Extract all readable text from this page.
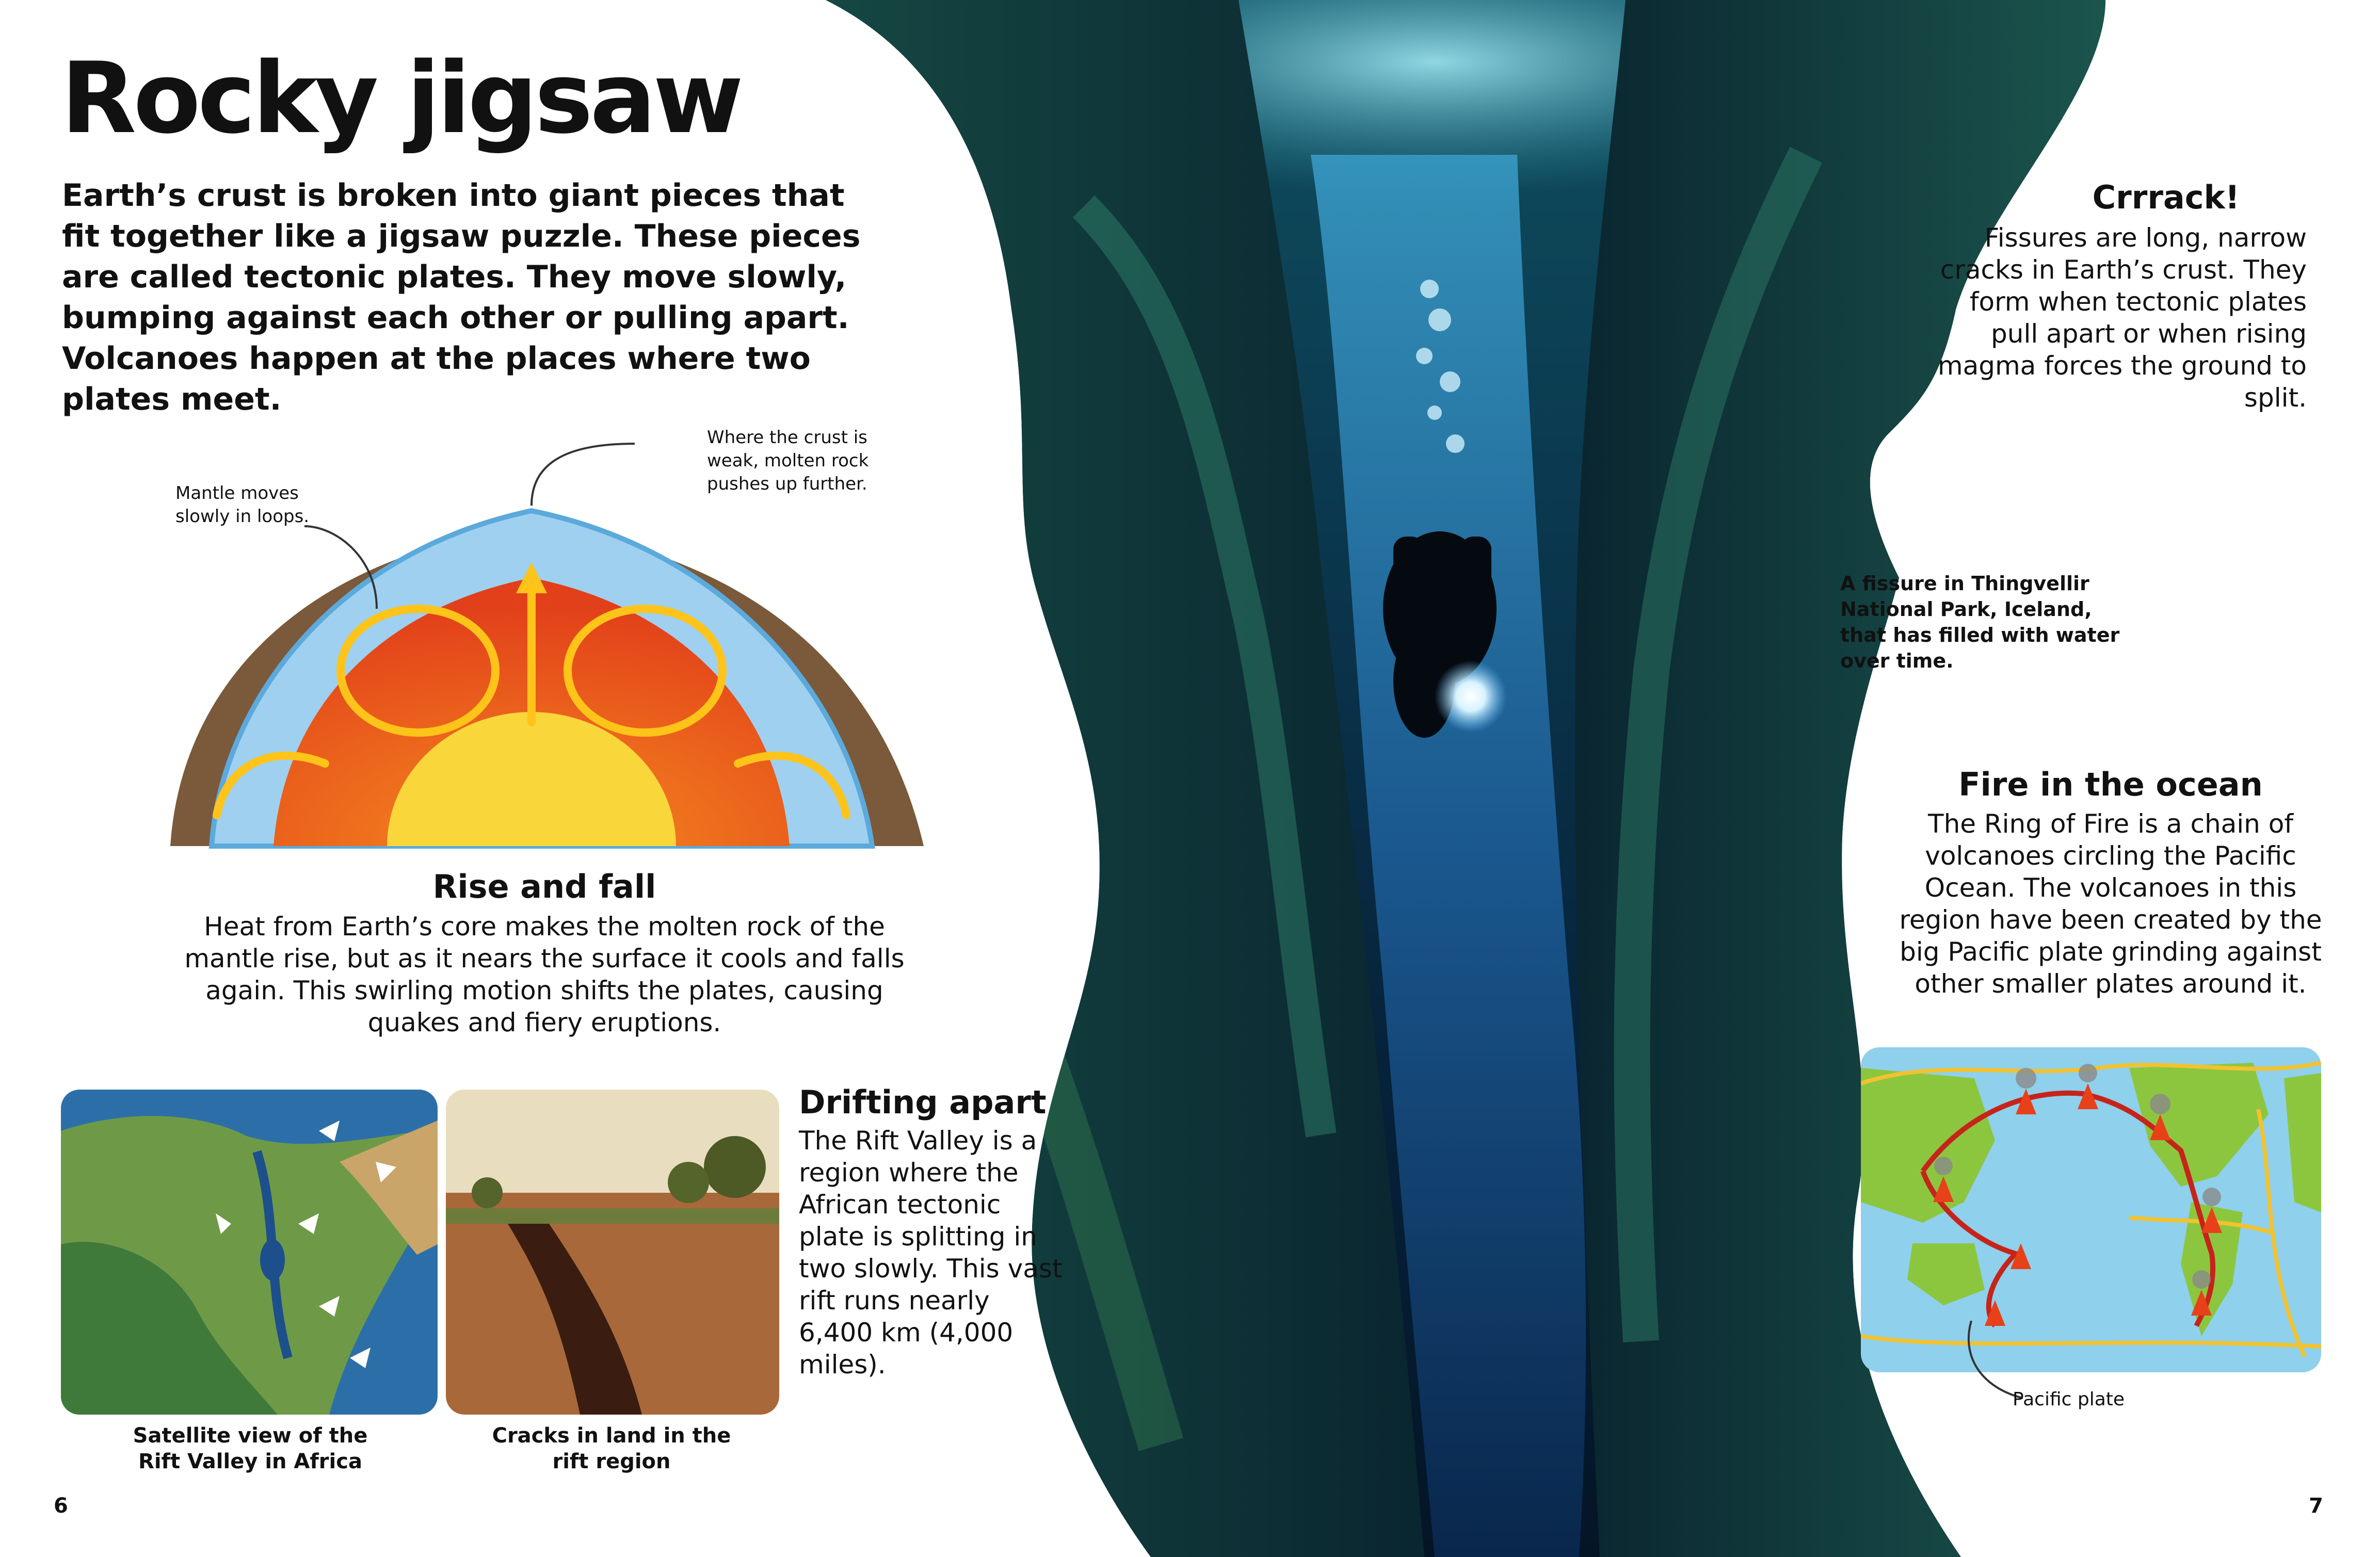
Rocky jigsaw
Earth’s crust is broken into giant pieces that fit together like a jigsaw puzzle. These pieces are called tectonic plates. They move slowly, bumping against each other or pulling apart. Volcanoes happen at the places where two plates meet.
Mantle moves slowly in loops.
Where the crust is weak, molten rock pushes up further.
Rise and fall
Heat from Earth’s core makes the molten rock of the mantle rise, but as it nears the surface it cools and falls again. This swirling motion shifts the plates, causing quakes and fiery eruptions.
Satellite view of the Rift Valley in Africa
Cracks in land in the rift region
Drifting apart
The Rift Valley is a region where the African tectonic plate is splitting in two slowly. This vast rift runs nearly 6,400 km (4,000 miles).
Crrrack!
Fissures are long, narrow cracks in Earth’s crust. They form when tectonic plates pull apart or when rising magma forces the ground to split.
A fissure in Thingvellir National Park, Iceland, that has filled with water over time.
Fire in the ocean
The Ring of Fire is a chain of volcanoes circling the Pacific Ocean. The volcanoes in this region have been created by the big Pacific plate grinding against other smaller plates around it.
Pacific plate
6	7
